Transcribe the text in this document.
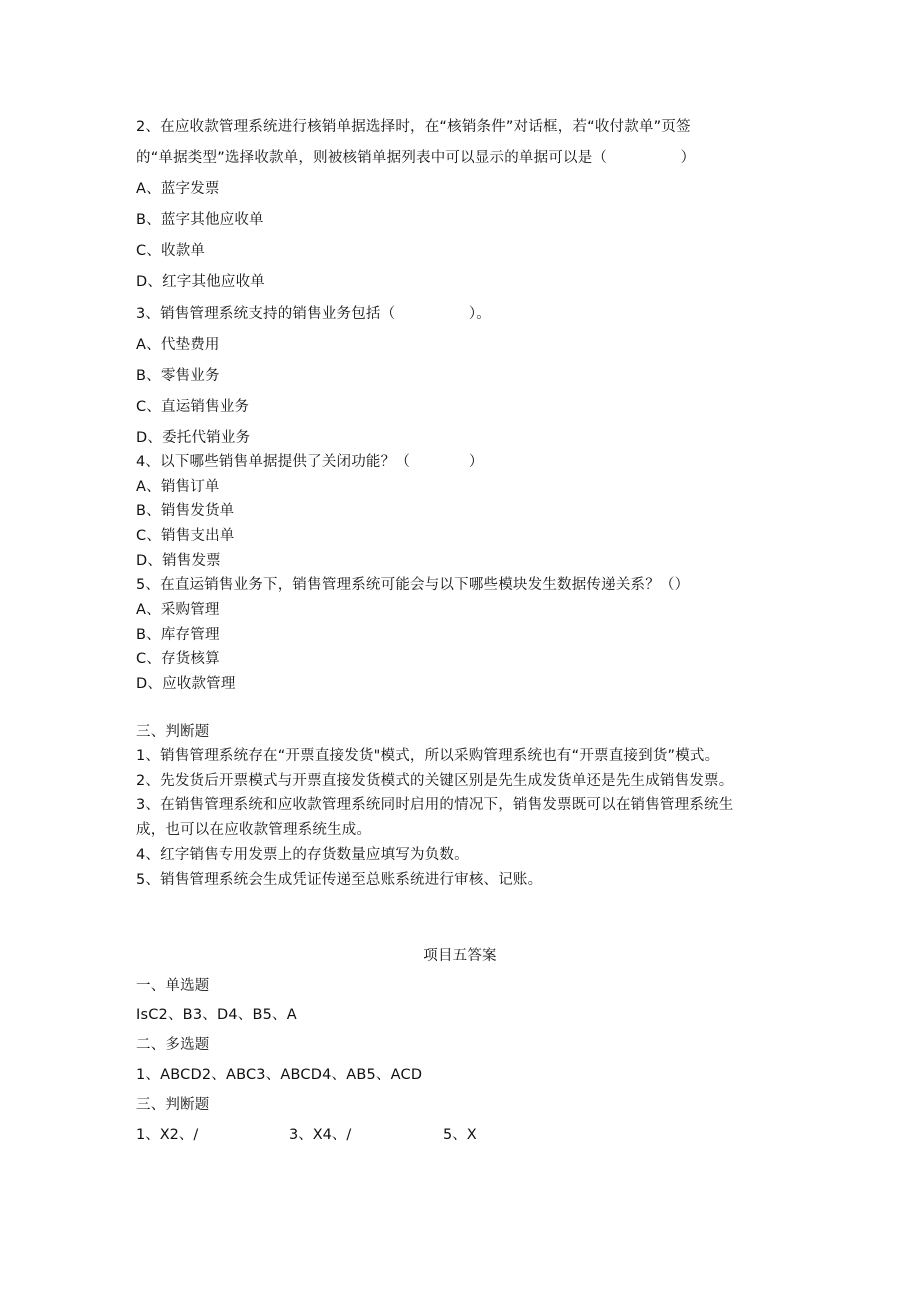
2、在应收款管理系统进行核销单据选择时，在“核销条件”对话框，若“收付款单”页签
的“单据类型”选择收款单，则被核销单据列表中可以显示的单据可以是（　　　　　）
A、蓝字发票
B、蓝字其他应收单
C、收款单
D、红字其他应收单
3、销售管理系统支持的销售业务包括（　　　　　）。
A、代垫费用
B、零售业务
C、直运销售业务
D、委托代销业务
4、以下哪些销售单据提供了关闭功能？（　　　　）
A、销售订单
B、销售发货单
C、销售支出单
D、销售发票
5、在直运销售业务下，销售管理系统可能会与以下哪些模块发生数据传递关系？（）
A、采购管理
B、库存管理
C、存货核算
D、应收款管理
三、判断题
1、销售管理系统存在“开票直接发货"模式，所以采购管理系统也有“开票直接到货”模式。
2、先发货后开票模式与开票直接发货模式的关键区别是先生成发货单还是先生成销售发票。
3、在销售管理系统和应收款管理系统同时启用的情况下，销售发票既可以在销售管理系统生
成，也可以在应收款管理系统生成。
4、红字销售专用发票上的存货数量应填写为负数。
5、销售管理系统会生成凭证传递至总账系统进行审核、记账。
项目五答案
一、单选题
IsC2、B3、D4、B5、A
二、多选题
1、ABCD2、ABC3、ABCD4、AB5、ACD
三、判断题
1、X2、/	3、X4、/	5、X
